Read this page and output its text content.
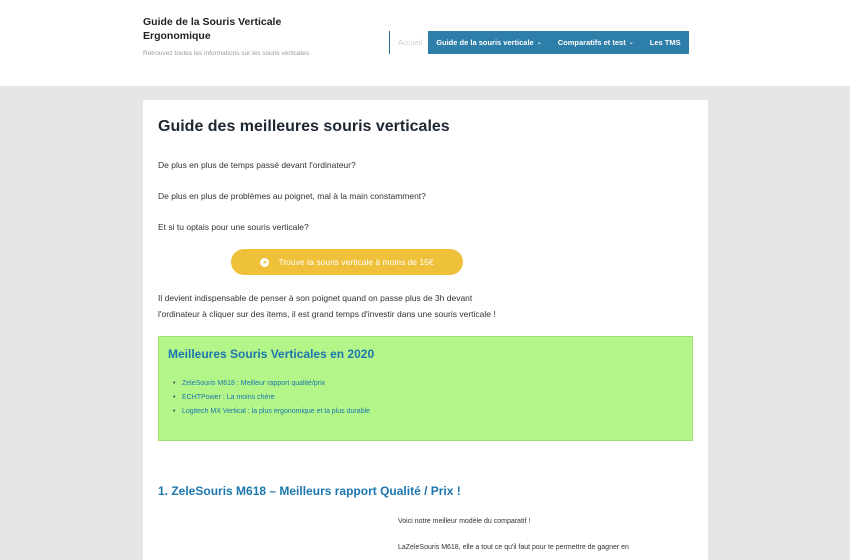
Guide de la Souris Verticale Ergonomique
Retrouvez toutes les informations sur les souris verticales
Accueil	Guide de la souris verticale ⌄ Comparatifs et test ⌄ Les TMS
Guide des meilleures souris verticales
De plus en plus de temps passé devant l'ordinateur?
De plus en plus de problèmes au poignet, mal à la main constamment?
Et si tu optais pour une souris verticale?
➤ Trouve ta souris verticale à moins de 15€
Il devient indispensable de penser à son poignet quand on passe plus de 3h devant
l'ordinateur à cliquer sur des items, il est grand temps d'investir dans une souris verticale !
Meilleures Souris Verticales en 2020
• ZeleSouris M618 : Meilleur rapport qualité/prix
• ECHTPower : La moins chère
• Logitech MX Vertical : la plus ergonomique et la plus durable
1. ZeleSouris M618 – Meilleurs rapport Qualité / Prix !
Voici notre meilleur modèle du comparatif !
LaZeleSouris M618, elle a tout ce qu'il faut pour te permettre de gagner en
